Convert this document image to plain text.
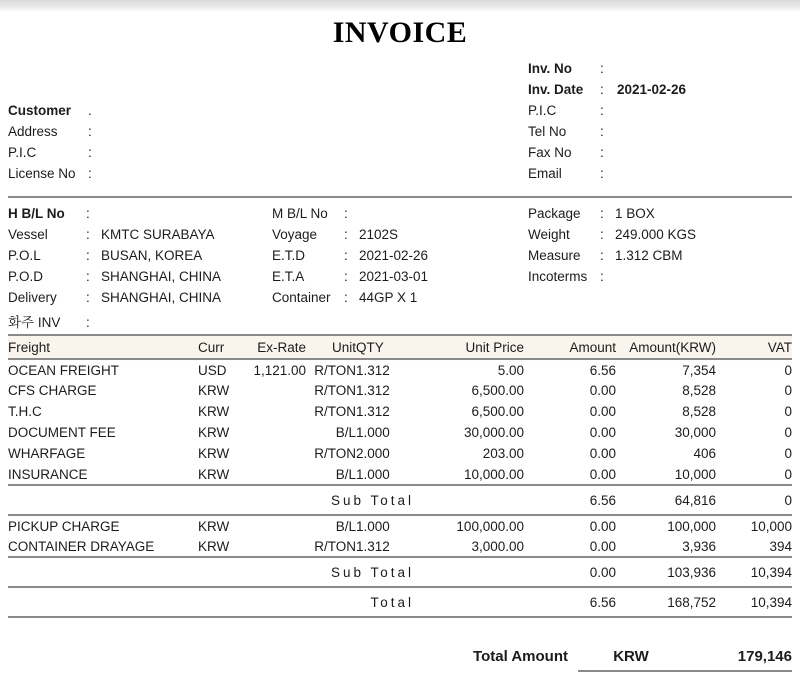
INVOICE
Customer	.
Address	:
P.I.C	:
License No :
Inv. No	:
Inv. Date	: 2021-02-26
P.I.C	:
Tel No	:
Fax No	:
Email	:
H B/L No	:
Vessel	: KMTC SURABAYA
P.O.L	: BUSAN, KOREA
P.O.D	: SHANGHAI, CHINA
Delivery	: SHANGHAI, CHINA
M B/L No	:
Voyage	: 2102S
E.T.D	: 2021-02-26
E.T.A	: 2021-03-01
Container : 44GP X 1
Package	: 1 BOX
Weight	: 249.000 KGS
Measure	: 1.312 CBM
Incoterms :
화주 INV	:
Freight	Curr	Ex-Rate	Unit	QTY	Unit Price	Amount	Amount(KRW)	VAT
OCEAN FREIGHT	USD	1,121.00	R/TON	1.312	5.00	6.56	7,354	0
CFS CHARGE	KRW		R/TON	1.312	6,500.00	0.00	8,528	0
T.H.C	KRW		R/TON	1.312	6,500.00	0.00	8,528	0
DOCUMENT FEE	KRW		B/L	1.000	30,000.00	0.00	30,000	0
WHARFAGE	KRW		R/TON	2.000	203.00	0.00	406	0
INSURANCE	KRW		B/L	1.000	10,000.00	0.00	10,000	0
Sub Total						6.56	64,816	0
PICKUP CHARGE	KRW		B/L	1.000	100,000.00	0.00	100,000	10,000
CONTAINER DRAYAGE	KRW		R/TON	1.312	3,000.00	0.00	3,936	394
Sub Total						0.00	103,936	10,394
Total						6.56	168,752	10,394
Total Amount	KRW	179,146
